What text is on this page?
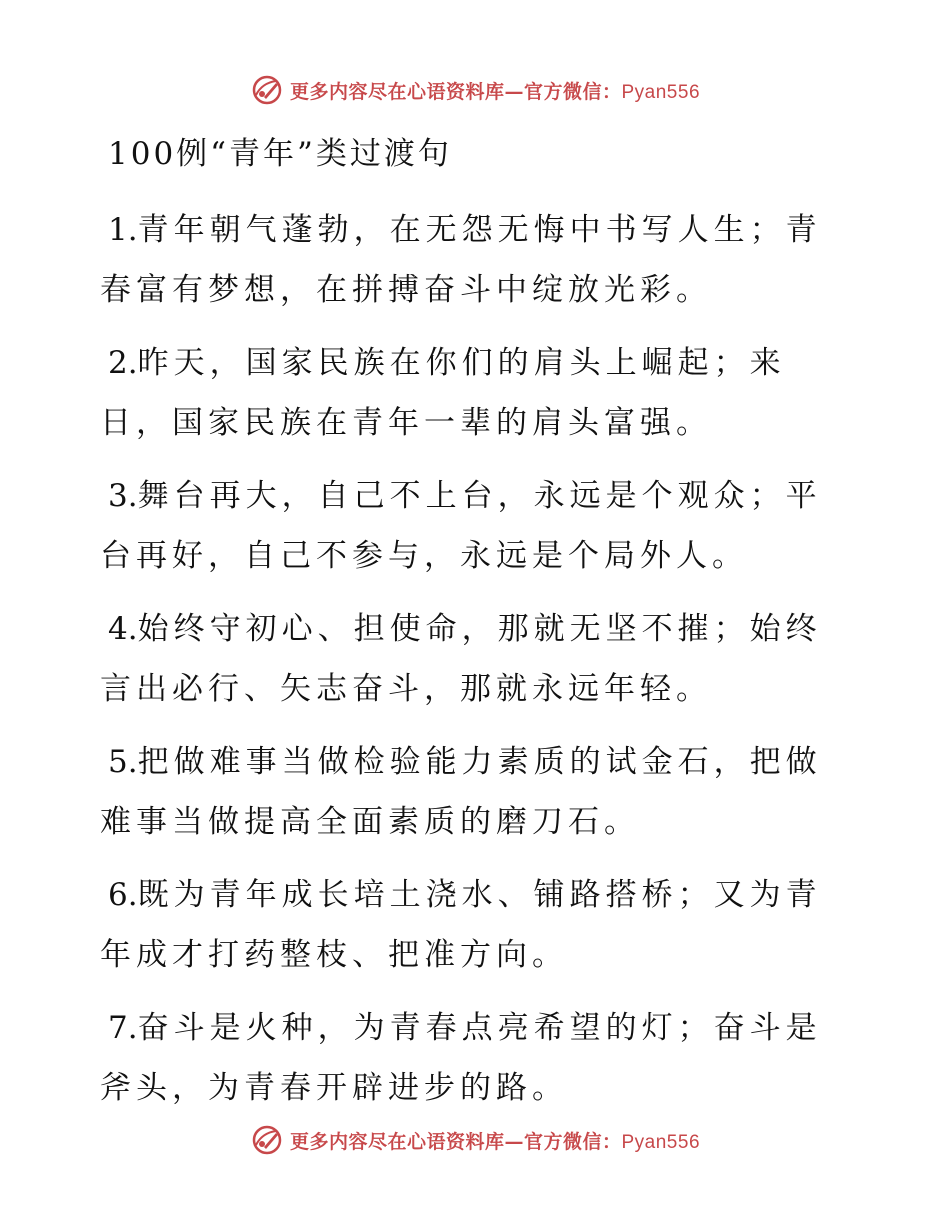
更多内容尽在心语资料库—官方微信：Pyan556
100例“青年”类过渡句
1.青年朝气蓬勃，在无怨无悔中书写人生；青春富有梦想，在拼搏奋斗中绽放光彩。
2.昨天，国家民族在你们的肩头上崛起；来日，国家民族在青年一辈的肩头富强。
3.舞台再大，自己不上台，永远是个观众；平台再好，自己不参与，永远是个局外人。
4.始终守初心、担使命，那就无坚不摧；始终言出必行、矢志奋斗，那就永远年轻。
5.把做难事当做检验能力素质的试金石，把做难事当做提高全面素质的磨刀石。
6.既为青年成长培土浇水、铺路搭桥；又为青年成才打药整枝、把准方向。
7.奋斗是火种，为青春点亮希望的灯；奋斗是斧头，为青春开辟进步的路。
更多内容尽在心语资料库—官方微信：Pyan556
